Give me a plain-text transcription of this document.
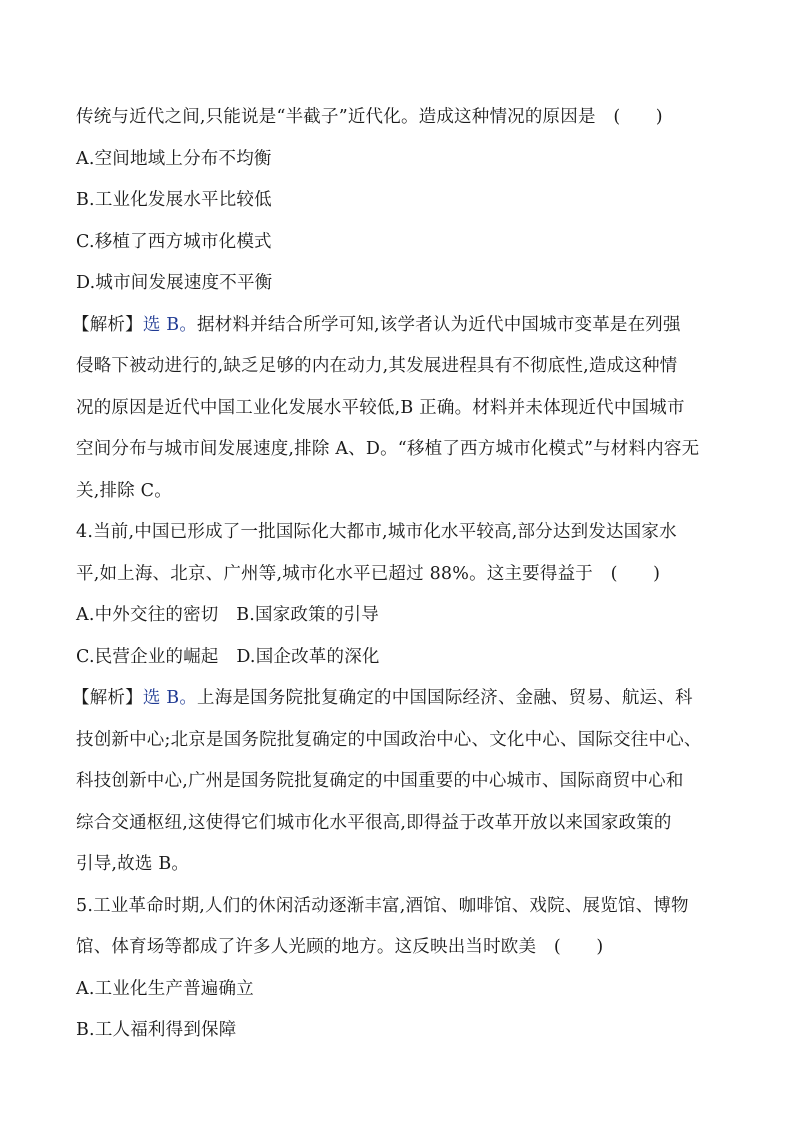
传统与近代之间,只能说是“半截子”近代化。造成这种情况的原因是　(　　)
A.空间地域上分布不均衡
B.工业化发展水平比较低
C.移植了西方城市化模式
D.城市间发展速度不平衡
【解析】选 B。据材料并结合所学可知,该学者认为近代中国城市变革是在列强
侵略下被动进行的,缺乏足够的内在动力,其发展进程具有不彻底性,造成这种情
况的原因是近代中国工业化发展水平较低,B 正确。材料并未体现近代中国城市
空间分布与城市间发展速度,排除 A、D。“移植了西方城市化模式”与材料内容无
关,排除 C。
4.当前,中国已形成了一批国际化大都市,城市化水平较高,部分达到发达国家水
平,如上海、北京、广州等,城市化水平已超过 88%。这主要得益于　(　　)
A.中外交往的密切　B.国家政策的引导
C.民营企业的崛起　D.国企改革的深化
【解析】选 B。上海是国务院批复确定的中国国际经济、金融、贸易、航运、科
技创新中心;北京是国务院批复确定的中国政治中心、文化中心、国际交往中心、
科技创新中心,广州是国务院批复确定的中国重要的中心城市、国际商贸中心和
综合交通枢纽,这使得它们城市化水平很高,即得益于改革开放以来国家政策的
引导,故选 B。
5.工业革命时期,人们的休闲活动逐渐丰富,酒馆、咖啡馆、戏院、展览馆、博物
馆、体育场等都成了许多人光顾的地方。这反映出当时欧美　(　　)
A.工业化生产普遍确立
B.工人福利得到保障
